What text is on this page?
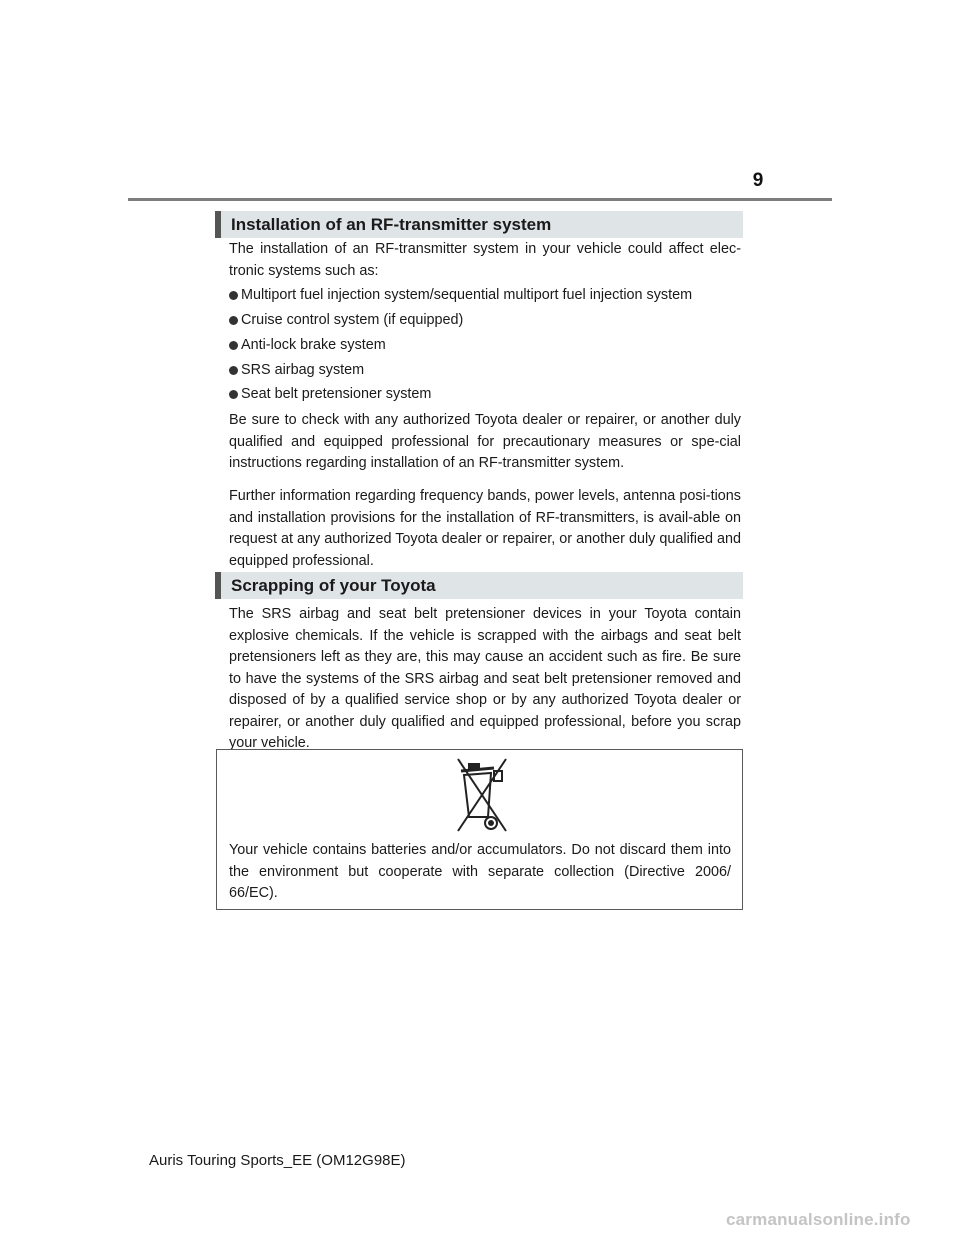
9
Installation of an RF-transmitter system

The installation of an RF-transmitter system in your vehicle could affect elec-tronic systems such as:

Multiport fuel injection system/sequential multiport fuel injection system
Cruise control system (if equipped)
Anti-lock brake system
SRS airbag system
Seat belt pretensioner system
Be sure to check with any authorized Toyota dealer or repairer, or another duly qualified and equipped professional for precautionary measures or spe-cial instructions regarding installation of an RF-transmitter system.
Further information regarding frequency bands, power levels, antenna posi-tions and installation provisions for the installation of RF-transmitters, is avail-able on request at any authorized Toyota dealer or repairer, or another duly qualified and equipped professional.
Scrapping of your Toyota
The SRS airbag and seat belt pretensioner devices in your Toyota contain explosive chemicals. If the vehicle is scrapped with the airbags and seat belt pretensioners left as they are, this may cause an accident such as fire. Be sure to have the systems of the SRS airbag and seat belt pretensioner removed and disposed of by a qualified service shop or by any authorized Toyota dealer or repairer, or another duly qualified and equipped professional, before you scrap your vehicle.
Your vehicle contains batteries and/or accumulators. Do not discard them into the environment but cooperate with separate collection (Directive 2006/ 66/EC).
Auris Touring Sports_EE (OM12G98E)
carmanualsonline.info
